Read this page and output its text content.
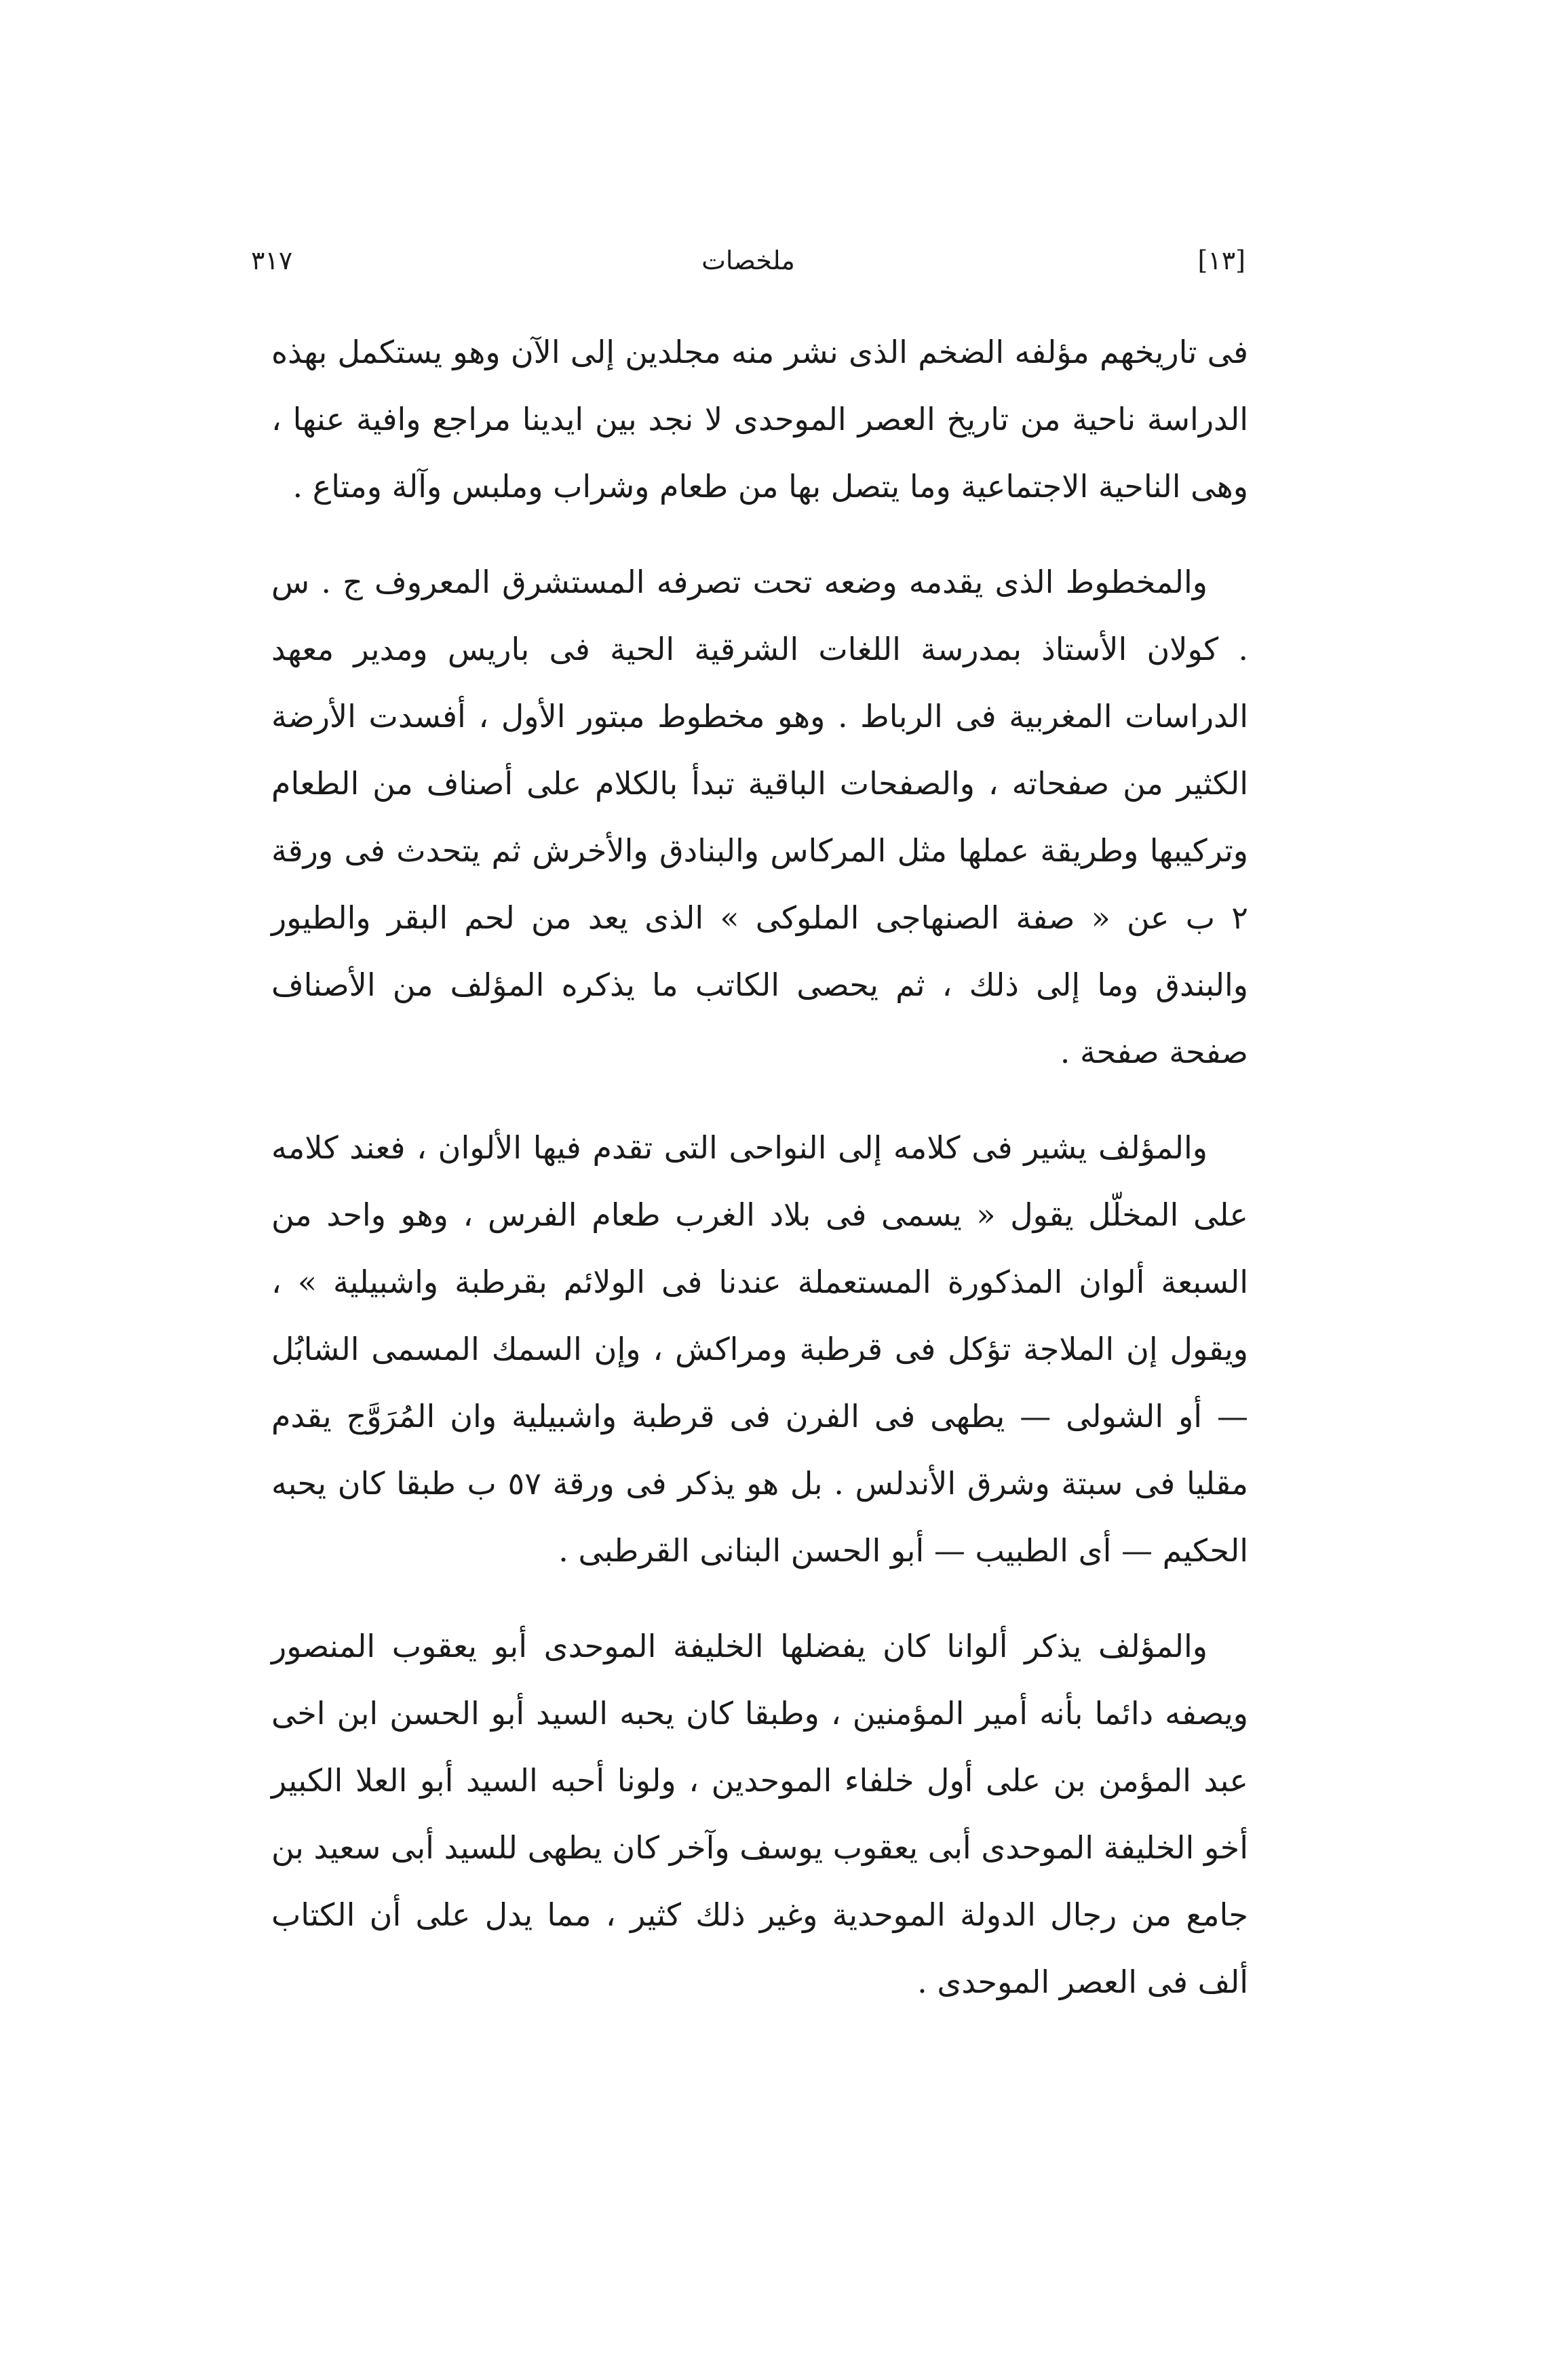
٣١٧	ملخصات	[١٣]

فى تاريخهم مؤلفه الضخم الذى نشر منه مجلدين إلى الآن وهو يستكمل بهذه الدراسة ناحية من تاريخ العصر الموحدى لا نجد بين ايدينا مراجع وافية عنها ، وهى الناحية الاجتماعية وما يتصل بها من طعام وشراب وملبس وآلة ومتاع .

والمخطوط الذى يقدمه وضعه تحت تصرفه المستشرق المعروف ج . س . كولان الأستاذ بمدرسة اللغات الشرقية الحية فى باريس ومدير معهد الدراسات المغربية فى الرباط . وهو مخطوط مبتور الأول ، أفسدت الأرضة الكثير من صفحاته ، والصفحات الباقية تبدأ بالكلام على أصناف من الطعام وتركيبها وطريقة عملها مثل المركاس والبنادق والأخرش ثم يتحدث فى ورقة ٢ ب عن « صفة الصنهاجى الملوكى » الذى يعد من لحم البقر والطيور والبندق وما إلى ذلك ، ثم يحصى الكاتب ما يذكره المؤلف من الأصناف صفحة صفحة .

والمؤلف يشير فى كلامه إلى النواحى التى تقدم فيها الألوان ، فعند كلامه على المخلّل يقول « يسمى فى بلاد الغرب طعام الفرس ، وهو واحد من السبعة ألوان المذكورة المستعملة عندنا فى الولائم بقرطبة واشبيلية » ، ويقول إن الملاجة تؤكل فى قرطبة ومراكش ، وإن السمك المسمى الشابُل — أو الشولى — يطهى فى الفرن فى قرطبة واشبيلية وان المُرَوَّج يقدم مقليا فى سبتة وشرق الأندلس . بل هو يذكر فى ورقة ٥٧ ب طبقا كان يحبه الحكيم — أى الطبيب — أبو الحسن البنانى القرطبى .

والمؤلف يذكر ألوانا كان يفضلها الخليفة الموحدى أبو يعقوب المنصور ويصفه دائما بأنه أمير المؤمنين ، وطبقا كان يحبه السيد أبو الحسن ابن اخى عبد المؤمن بن على أول خلفاء الموحدين ، ولونا أحبه السيد أبو العلا الكبير أخو الخليفة الموحدى أبى يعقوب يوسف وآخر كان يطهى للسيد أبى سعيد بن جامع من رجال الدولة الموحدية وغير ذلك كثير ، مما يدل على أن الكتاب ألف فى العصر الموحدى .
